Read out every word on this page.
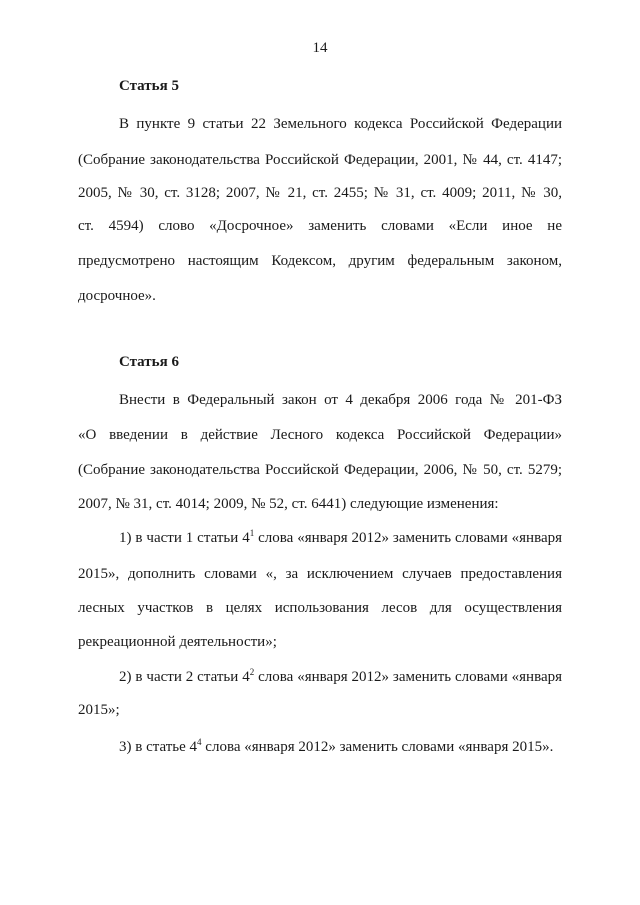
14
Статья 5
В пункте 9 статьи 22 Земельного кодекса Российской Федерации
(Собрание законодательства Российской Федерации, 2001, № 44, ст. 4147;
2005, № 30, ст. 3128; 2007, № 21, ст. 2455; № 31, ст. 4009; 2011, № 30,
ст. 4594) слово «Досрочное» заменить словами «Если иное не
предусмотрено настоящим Кодексом, другим федеральным законом,
досрочное».
Статья 6
Внести в Федеральный закон от 4 декабря 2006 года № 201-ФЗ
«О введении в действие Лесного кодекса Российской Федерации»
(Собрание законодательства Российской Федерации, 2006, № 50, ст. 5279;
2007, № 31, ст. 4014; 2009, № 52, ст. 6441) следующие изменения:
1) в части 1 статьи $4^1$ слова «января 2012» заменить словами «января
2015», дополнить словами «, за исключением случаев предоставления
лесных участков в целях использования лесов для осуществления
рекреационной деятельности»;
2) в части 2 статьи $4^2$ слова «января 2012» заменить словами «января
2015»;
3) в статье $4^4$ слова «января 2012» заменить словами «января 2015».
